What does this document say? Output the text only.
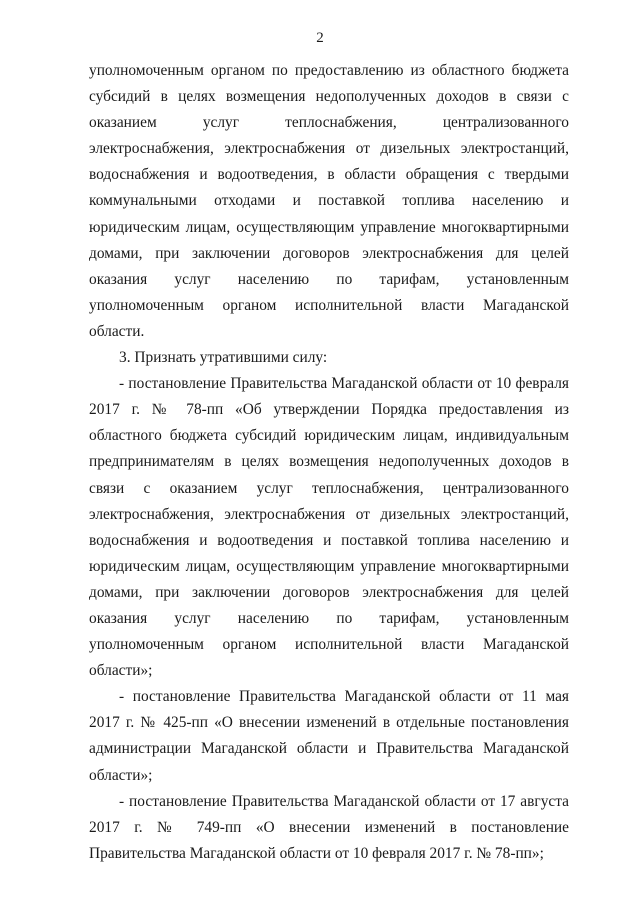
2

уполномоченным органом по предоставлению из областного бюджета субсидий в целях возмещения недополученных доходов в связи с оказанием услуг теплоснабжения, централизованного электроснабжения, электроснабжения от дизельных электростанций, водоснабжения и водоотведения, в области обращения с твердыми коммунальными отходами и поставкой топлива населению и юридическим лицам, осуществляющим управление многоквартирными домами, при заключении договоров электроснабжения для целей оказания услуг населению по тарифам, установленным уполномоченным органом исполнительной власти Магаданской области.

3. Признать утратившими силу:

- постановление Правительства Магаданской области от 10 февраля 2017 г. № 78-пп «Об утверждении Порядка предоставления из областного бюджета субсидий юридическим лицам, индивидуальным предпринимателям в целях возмещения недополученных доходов в связи с оказанием услуг теплоснабжения, централизованного электроснабжения, электроснабжения от дизельных электростанций, водоснабжения и водоотведения и поставкой топлива населению и юридическим лицам, осуществляющим управление многоквартирными домами, при заключении договоров электроснабжения для целей оказания услуг населению по тарифам, установленным уполномоченным органом исполнительной власти Магаданской области»;

- постановление Правительства Магаданской области от 11 мая 2017 г. № 425-пп «О внесении изменений в отдельные постановления администрации Магаданской области и Правительства Магаданской области»;

- постановление Правительства Магаданской области от 17 августа 2017 г. № 749-пп «О внесении изменений в постановление Правительства Магаданской области от 10 февраля 2017 г. № 78-пп»;
